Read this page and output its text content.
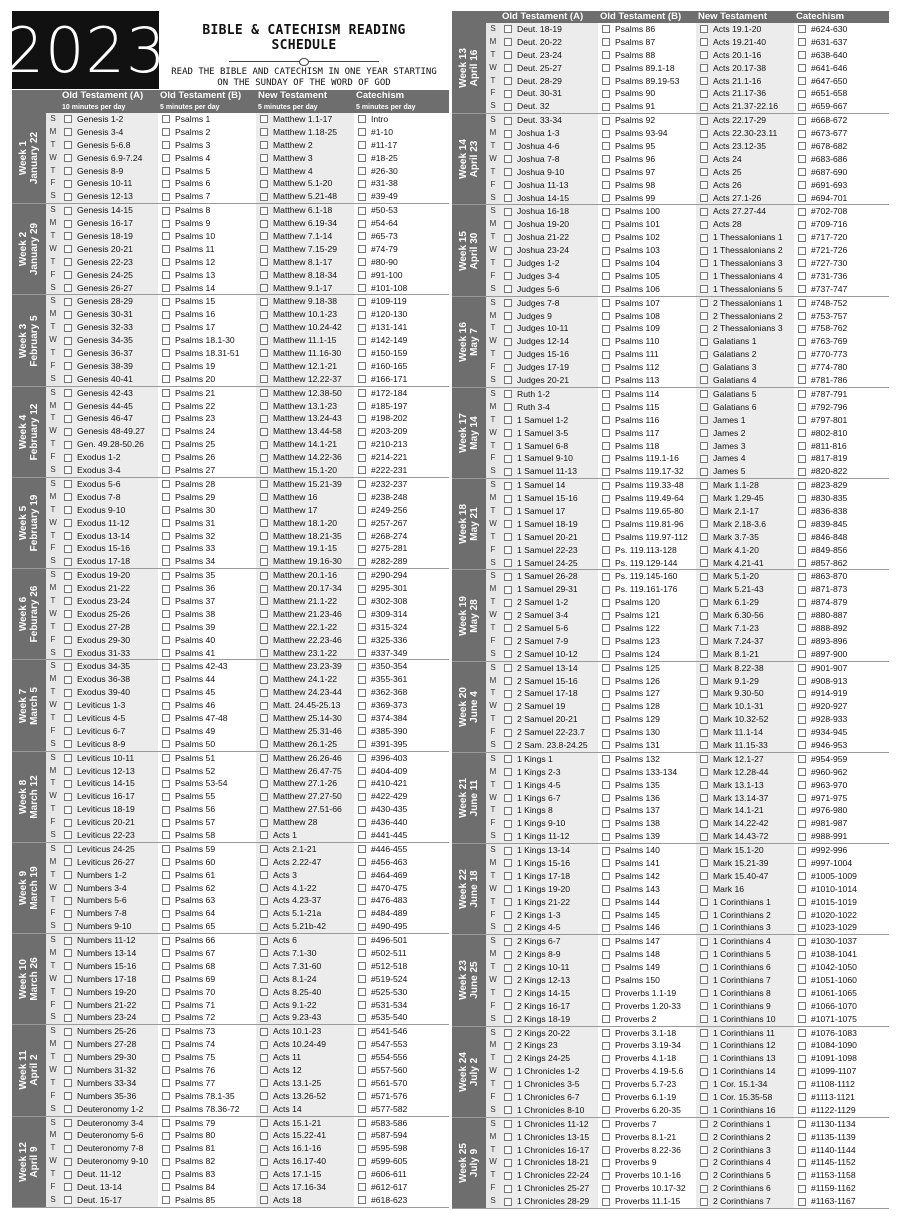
2023	BIBLE & CATECHISM READING SCHEDULE
READ THE BIBLE AND CATECHISM IN ONE YEAR STARTING ON THE SUNDAY OF THE WORD OF GOD
Old Testament (A)	Old Testament (B)	New Testament	Catechism
10 minutes per day	5 minutes per day	5 minutes per day	5 minutes per day
Week 1 January 22
S	Genesis 1-2	Psalms 1	Matthew 1.1-17	Intro
M	Genesis 3-4	Psalms 2	Matthew 1.18-25	#1-10
T	Genesis 5-6.8	Psalms 3	Matthew 2	#11-17
W	Genesis 6.9-7.24	Psalms 4	Matthew 3	#18-25
T	Genesis 8-9	Psalms 5	Matthew 4	#26-30
F	Genesis 10-11	Psalms 6	Matthew 5.1-20	#31-38
S	Genesis 12-13	Psalms 7	Matthew 5.21-48	#39-49
Week 2 January 29
S	Genesis 14-15	Psalms 8	Matthew 6.1-18	#50-53
M	Genesis 16-17	Psalms 9	Matthew 6.19-34	#54-64
T	Genesis 18-19	Psalms 10	Matthew 7.1-14	#65-73
W	Genesis 20-21	Psalms 11	Matthew 7.15-29	#74-79
T	Genesis 22-23	Psalms 12	Matthew 8.1-17	#80-90
F	Genesis 24-25	Psalms 13	Matthew 8.18-34	#91-100
S	Genesis 26-27	Psalms 14	Matthew 9.1-17	#101-108
Week 3 February 5
S	Genesis 28-29	Psalms 15	Matthew 9.18-38	#109-119
M	Genesis 30-31	Psalms 16	Matthew 10.1-23	#120-130
T	Genesis 32-33	Psalms 17	Matthew 10.24-42	#131-141
W	Genesis 34-35	Psalms 18.1-30	Matthew 11.1-15	#142-149
T	Genesis 36-37	Psalms 18.31-51	Matthew 11.16-30	#150-159
F	Genesis 38-39	Psalms 19	Matthew 12.1-21	#160-165
S	Genesis 40-41	Psalms 20	Matthew 12.22-37	#166-171
Week 4 February 12
S	Genesis 42-43	Psalms 21	Matthew 12.38-50	#172-184
M	Genesis 44-45	Psalms 22	Matthew 13.1-23	#185-197
T	Genesis 46-47	Psalms 23	Matthew 13.24-43	#198-202
W	Genesis 48-49.27	Psalms 24	Matthew 13.44-58	#203-209
T	Gen. 49.28-50.26	Psalms 25	Matthew 14.1-21	#210-213
F	Exodus 1-2	Psalms 26	Matthew 14.22-36	#214-221
S	Exodus 3-4	Psalms 27	Matthew 15.1-20	#222-231
Week 5 February 19
S	Exodus 5-6	Psalms 28	Matthew 15.21-39	#232-237
M	Exodus 7-8	Psalms 29	Matthew 16	#238-248
T	Exodus 9-10	Psalms 30	Matthew 17	#249-256
W	Exodus 11-12	Psalms 31	Matthew 18.1-20	#257-267
T	Exodus 13-14	Psalms 32	Matthew 18.21-35	#268-274
F	Exodus 15-16	Psalms 33	Matthew 19.1-15	#275-281
S	Exodus 17-18	Psalms 34	Matthew 19.16-30	#282-289
Week 6 Feburary 26
S	Exodus 19-20	Psalms 35	Matthew 20.1-16	#290-294
M	Exodus 21-22	Psalms 36	Matthew 20.17-34	#295-301
T	Exodus 23-24	Psalms 37	Matthew 21.1-22	#302-308
W	Exodus 25-26	Psalms 38	Matthew 21.23-46	#309-314
T	Exodus 27-28	Psalms 39	Matthew 22.1-22	#315-324
F	Exodus 29-30	Psalms 40	Matthew 22.23-46	#325-336
S	Exodus 31-33	Psalms 41	Matthew 23.1-22	#337-349
Week 7 March 5
S	Exodus 34-35	Psalms 42-43	Matthew 23.23-39	#350-354
M	Exodus 36-38	Psalms 44	Matthew 24.1-22	#355-361
T	Exodus 39-40	Psalms 45	Matthew 24.23-44	#362-368
W	Leviticus 1-3	Psalms 46	Matt. 24.45-25.13	#369-373
T	Leviticus 4-5	Psalms 47-48	Matthew 25.14-30	#374-384
F	Leviticus 6-7	Psalms 49	Matthew 25.31-46	#385-390
S	Leviticus 8-9	Psalms 50	Matthew 26.1-25	#391-395
Week 8 March 12
S	Leviticus 10-11	Psalms 51	Matthew 26.26-46	#396-403
M	Leviticus 12-13	Psalms 52	Matthew 26.47-75	#404-409
T	Leviticus 14-15	Psalms 53-54	Matthew 27.1-26	#410-421
W	Leviticus 16-17	Psalms 55	Matthew 27.27-50	#422-429
T	Leviticus 18-19	Psalms 56	Matthew 27.51-66	#430-435
F	Leviticus 20-21	Psalms 57	Matthew 28	#436-440
S	Leviticus 22-23	Psalms 58	Acts 1	#441-445
Week 9 March 19
S	Leviticus 24-25	Psalms 59	Acts 2.1-21	#446-455
M	Leviticus 26-27	Psalms 60	Acts 2.22-47	#456-463
T	Numbers 1-2	Psalms 61	Acts 3	#464-469
W	Numbers 3-4	Psalms 62	Acts 4.1-22	#470-475
T	Numbers 5-6	Psalms 63	Acts 4.23-37	#476-483
F	Numbers 7-8	Psalms 64	Acts 5.1-21a	#484-489
S	Numbers 9-10	Psalms 65	Acts 5.21b-42	#490-495
Week 10 March 26
S	Numbers 11-12	Psalms 66	Acts 6	#496-501
M	Numbers 13-14	Psalms 67	Acts 7.1-30	#502-511
T	Numbers 15-16	Psalms 68	Acts 7.31-60	#512-518
W	Numbers 17-18	Psalms 69	Acts 8.1-24	#519-524
T	Numbers 19-20	Psalms 70	Acts 8.25-40	#525-530
F	Numbers 21-22	Psalms 71	Acts 9.1-22	#531-534
S	Numbers 23-24	Psalms 72	Acts 9.23-43	#535-540
Week 11 April 2
S	Numbers 25-26	Psalms 73	Acts 10.1-23	#541-546
M	Numbers 27-28	Psalms 74	Acts 10.24-49	#547-553
T	Numbers 29-30	Psalms 75	Acts 11	#554-556
W	Numbers 31-32	Psalms 76	Acts 12	#557-560
T	Numbers 33-34	Psalms 77	Acts 13.1-25	#561-570
F	Numbers 35-36	Psalms 78.1-35	Acts 13.26-52	#571-576
S	Deuteronomy 1-2	Psalms 78.36-72	Acts 14	#577-582
Week 12 April 9
S	Deuteronomy 3-4	Psalms 79	Acts 15.1-21	#583-586
M	Deuteronomy 5-6	Psalms 80	Acts 15.22-41	#587-594
T	Deuteronomy 7-8	Psalms 81	Acts 16.1-16	#595-598
W	Deuteronomy 9-10	Psalms 82	Acts 16.17-40	#599-605
T	Deut. 11-12	Psalms 83	Acts 17.1-15	#606-611
F	Deut. 13-14	Psalms 84	Acts 17.16-34	#612-617
S	Deut. 15-17	Psalms 85	Acts 18	#618-623
Old Testament (A)	Old Testament (B)	New Testament	Catechism
Week 13 April 16
S	Deut. 18-19	Psalms 86	Acts 19.1-20	#624-630
M	Deut. 20-22	Psalms 87	Acts 19.21-40	#631-637
T	Deut. 23-24	Psalms 88	Acts 20.1-16	#638-640
W	Deut. 25-27	Psalms 89.1-18	Acts 20.17-38	#641-646
T	Deut. 28-29	Psalms 89.19-53	Acts 21.1-16	#647-650
F	Deut. 30-31	Psalms 90	Acts 21.17-36	#651-658
S	Deut. 32	Psalms 91	Acts 21.37-22.16	#659-667
Week 14 April 23
S	Deut. 33-34	Psalms 92	Acts 22.17-29	#668-672
M	Joshua 1-3	Psalms 93-94	Acts 22.30-23.11	#673-677
T	Joshua 4-6	Psalms 95	Acts 23.12-35	#678-682
W	Joshua 7-8	Psalms 96	Acts 24	#683-686
T	Joshua 9-10	Psalms 97	Acts 25	#687-690
F	Joshua 11-13	Psalms 98	Acts 26	#691-693
S	Joshua 14-15	Psalms 99	Acts 27.1-26	#694-701
Week 15 April 30
S	Joshua 16-18	Psalms 100	Acts 27.27-44	#702-708
M	Joshua 19-20	Psalms 101	Acts 28	#709-716
T	Joshua 21-22	Psalms 102	1 Thessalonians 1	#717-720
W	Joshua 23-24	Psalms 103	1 Thessalonians 2	#721-726
T	Judges 1-2	Psalms 104	1 Thessalonians 3	#727-730
F	Judges 3-4	Psalms 105	1 Thessalonians 4	#731-736
S	Judges 5-6	Psalms 106	1 Thessalonians 5	#737-747
Week 16 May 7
S	Judges 7-8	Psalms 107	2 Thessalonians 1	#748-752
M	Judges 9	Psalms 108	2 Thessalonians 2	#753-757
T	Judges 10-11	Psalms 109	2 Thessalonians 3	#758-762
W	Judges 12-14	Psalms 110	Galatians 1	#763-769
T	Judges 15-16	Psalms 111	Galatians 2	#770-773
F	Judges 17-19	Psalms 112	Galatians 3	#774-780
S	Judges 20-21	Psalms 113	Galatians 4	#781-786
Week 17 May 14
S	Ruth 1-2	Psalms 114	Galatians 5	#787-791
M	Ruth 3-4	Psalms 115	Galatians 6	#792-796
T	1 Samuel 1-2	Psalms 116	James 1	#797-801
W	1 Samuel 3-5	Psalms 117	James 2	#802-810
T	1 Samuel 6-8	Psalms 118	James 3	#811-816
F	1 Samuel 9-10	Psalms 119.1-16	James 4	#817-819
S	1 Samuel 11-13	Psalms 119.17-32	James 5	#820-822
Week 18 May 21
S	1 Samuel 14	Psalms 119.33-48	Mark 1.1-28	#823-829
M	1 Samuel 15-16	Psalms 119.49-64	Mark 1.29-45	#830-835
T	1 Samuel 17	Psalms 119.65-80	Mark 2.1-17	#836-838
W	1 Samuel 18-19	Psalms 119.81-96	Mark 2.18-3.6	#839-845
T	1 Samuel 20-21	Psalms 119.97-112	Mark 3.7-35	#846-848
F	1 Samuel 22-23	Ps. 119.113-128	Mark 4.1-20	#849-856
S	1 Samuel 24-25	Ps. 119.129-144	Mark 4.21-41	#857-862
Week 19 May 28
S	1 Samuel 26-28	Ps. 119.145-160	Mark 5.1-20	#863-870
M	1 Samuel 29-31	Ps. 119.161-176	Mark 5.21-43	#871-873
T	2 Samuel 1-2	Psalms 120	Mark 6.1-29	#874-879
W	2 Samuel 3-4	Psalms 121	Mark 6.30-56	#880-887
T	2 Samuel 5-6	Psalms 122	Mark 7.1-23	#888-892
F	2 Samuel 7-9	Psalms 123	Mark 7.24-37	#893-896
S	2 Samuel 10-12	Psalms 124	Mark 8.1-21	#897-900
Week 20 June 4
S	2 Samuel 13-14	Psalms 125	Mark 8.22-38	#901-907
M	2 Samuel 15-16	Psalms 126	Mark 9.1-29	#908-913
T	2 Samuel 17-18	Psalms 127	Mark 9.30-50	#914-919
W	2 Samuel 19	Psalms 128	Mark 10.1-31	#920-927
T	2 Samuel 20-21	Psalms 129	Mark 10.32-52	#928-933
F	2 Samuel 22-23.7	Psalms 130	Mark 11.1-14	#934-945
S	2 Sam. 23.8-24.25	Psalms 131	Mark 11.15-33	#946-953
Week 21 June 11
S	1 Kings 1	Psalms 132	Mark 12.1-27	#954-959
M	1 Kings 2-3	Psalms 133-134	Mark 12.28-44	#960-962
T	1 Kings 4-5	Psalms 135	Mark 13.1-13	#963-970
W	1 Kings 6-7	Psalms 136	Mark 13.14-37	#971-975
T	1 Kings 8	Psalms 137	Mark 14.1-21	#976-980
F	1 Kings 9-10	Psalms 138	Mark 14.22-42	#981-987
S	1 Kings 11-12	Psalms 139	Mark 14.43-72	#988-991
Week 22 June 18
S	1 Kings 13-14	Psalms 140	Mark 15.1-20	#992-996
M	1 Kings 15-16	Psalms 141	Mark 15.21-39	#997-1004
T	1 Kings 17-18	Psalms 142	Mark 15.40-47	#1005-1009
W	1 Kings 19-20	Psalms 143	Mark 16	#1010-1014
T	1 Kings 21-22	Psalms 144	1 Corinthians 1	#1015-1019
F	2 Kings 1-3	Psalms 145	1 Corinthians 2	#1020-1022
S	2 Kings 4-5	Psalms 146	1 Corinthians 3	#1023-1029
Week 23 June 25
S	2 Kings 6-7	Psalms 147	1 Corinthians 4	#1030-1037
M	2 Kings 8-9	Psalms 148	1 Corinthians 5	#1038-1041
T	2 Kings 10-11	Psalms 149	1 Corinthians 6	#1042-1050
W	2 Kings 12-13	Psalms 150	1 Corinthians 7	#1051-1060
T	2 Kings 14-15	Proverbs 1.1-19	1 Corinthians 8	#1061-1065
F	2 Kings 16-17	Proverbs 1.20-33	1 Corinthians 9	#1066-1070
S	2 Kings 18-19	Proverbs 2	1 Corinthians 10	#1071-1075
Week 24 July 2
S	2 Kings 20-22	Proverbs 3.1-18	1 Corinthians 11	#1076-1083
M	2 Kings 23	Proverbs 3.19-34	1 Corinthians 12	#1084-1090
T	2 Kings 24-25	Proverbs 4.1-18	1 Corinthians 13	#1091-1098
W	1 Chronicles 1-2	Proverbs 4.19-5.6	1 Corinthians 14	#1099-1107
T	1 Chronicles 3-5	Proverbs 5.7-23	1 Cor. 15.1-34	#1108-1112
F	1 Chronicles 6-7	Proverbs 6.1-19	1 Cor. 15.35-58	#1113-1121
S	1 Chronicles 8-10	Proverbs 6.20-35	1 Corinthians 16	#1122-1129
Week 25 July 9
S	1 Chronicles 11-12	Proverbs 7	2 Corinthians 1	#1130-1134
M	1 Chronicles 13-15	Proverbs 8.1-21	2 Corinthians 2	#1135-1139
T	1 Chronicles 16-17	Proverbs 8.22-36	2 Corinthians 3	#1140-1144
W	1 Chronicles 18-21	Proverbs 9	2 Corinthians 4	#1145-1152
T	1 Chronicles 22-24	Proverbs 10.1-16	2 Corinthians 5	#1153-1158
F	1 Chronicles 25-27	Proverbs 10.17-32	2 Corinthians 6	#1159-1162
S	1 Chronicles 28-29	Proverbs 11.1-15	2 Corinthians 7	#1163-1167
